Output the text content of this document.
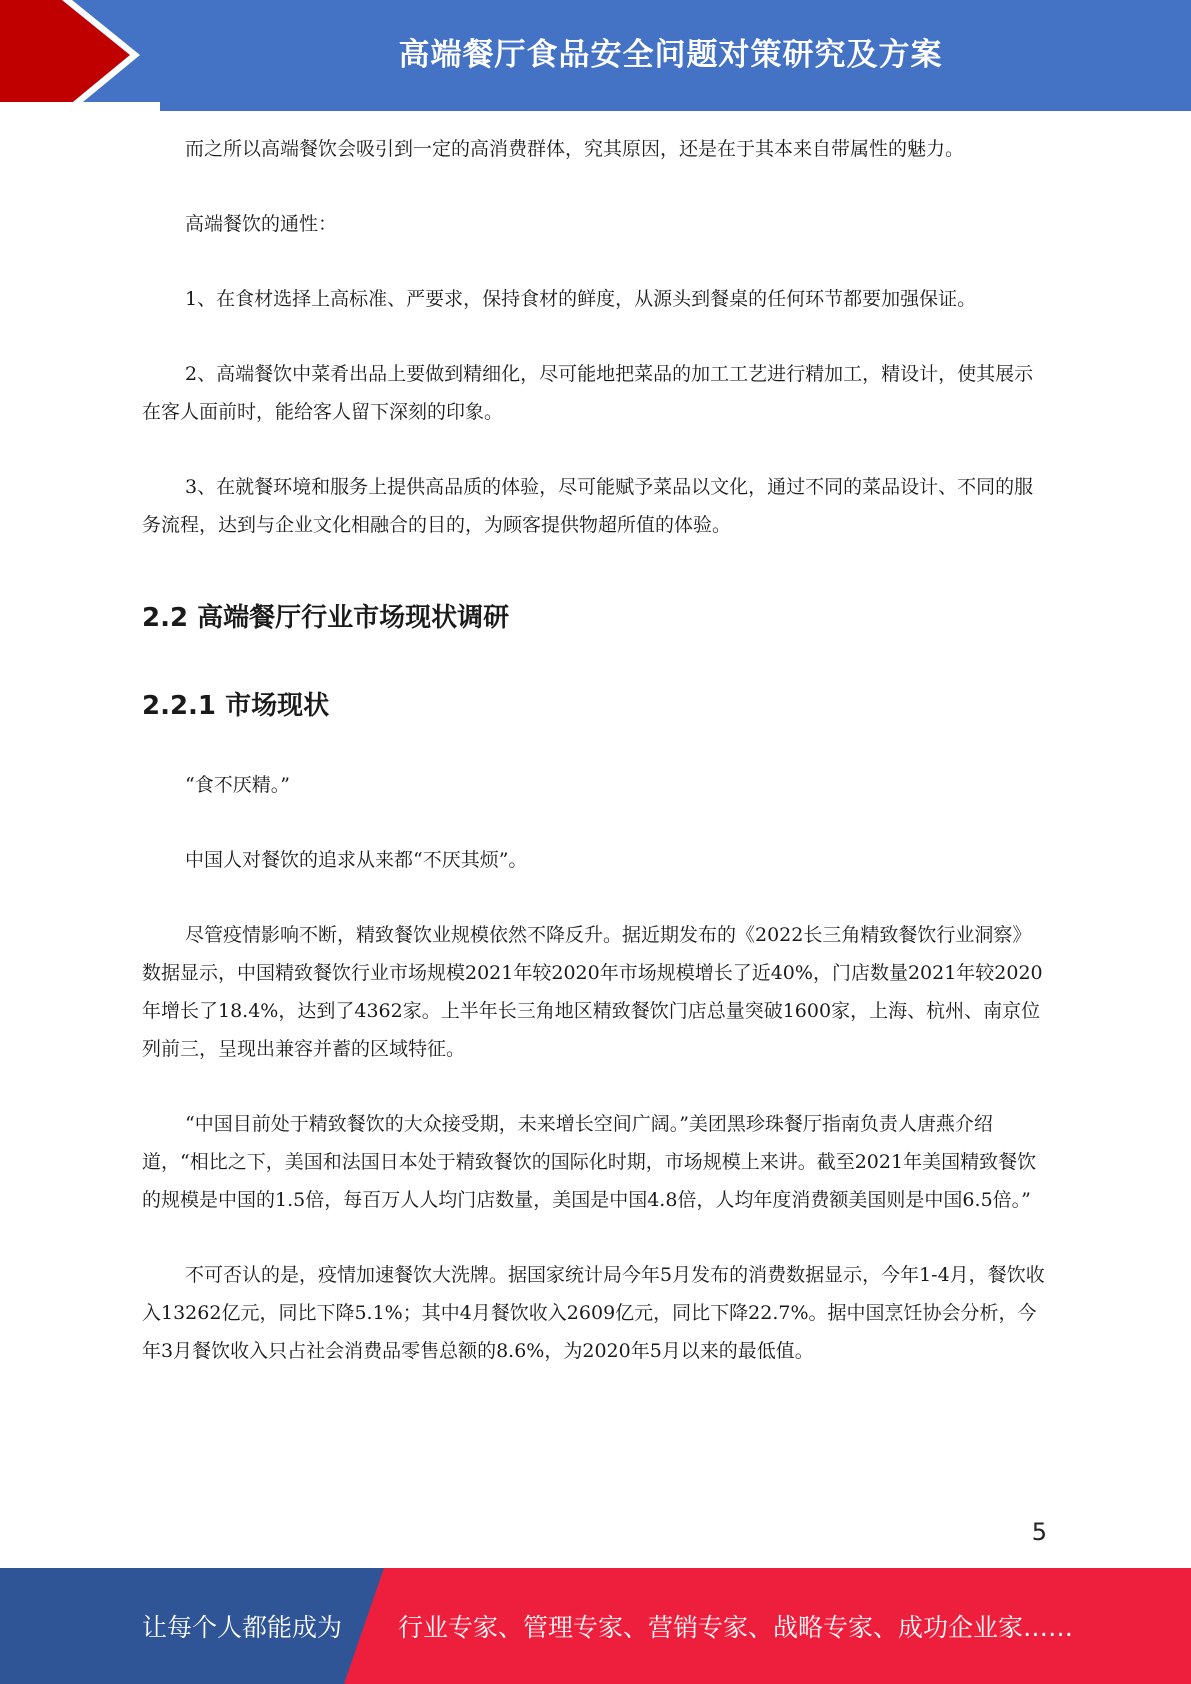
高端餐厅食品安全问题对策研究及方案

而之所以高端餐饮会吸引到一定的高消费群体，究其原因，还是在于其本来自带属性的魅力。

高端餐饮的通性：

1、在食材选择上高标准、严要求，保持食材的鲜度，从源头到餐桌的任何环节都要加强保证。

2、高端餐饮中菜肴出品上要做到精细化，尽可能地把菜品的加工工艺进行精加工，精设计，使其展示在客人面前时，能给客人留下深刻的印象。

3、在就餐环境和服务上提供高品质的体验，尽可能赋予菜品以文化，通过不同的菜品设计、不同的服务流程，达到与企业文化相融合的目的，为顾客提供物超所值的体验。

2.2 高端餐厅行业市场现状调研
2.2.1 市场现状

“食不厌精。”

中国人对餐饮的追求从来都“不厌其烦”。

尽管疫情影响不断，精致餐饮业规模依然不降反升。据近期发布的《2022长三角精致餐饮行业洞察》数据显示，中国精致餐饮行业市场规模2021年较2020年市场规模增长了近40%，门店数量2021年较2020年增长了18.4%，达到了4362家。上半年长三角地区精致餐饮门店总量突破1600家，上海、杭州、南京位列前三，呈现出兼容并蓄的区域特征。

“中国目前处于精致餐饮的大众接受期，未来增长空间广阔。”美团黑珍珠餐厅指南负责人唐燕介绍道，“相比之下，美国和法国日本处于精致餐饮的国际化时期，市场规模上来讲。截至2021年美国精致餐饮的规模是中国的1.5倍，每百万人人均门店数量，美国是中国4.8倍，人均年度消费额美国则是中国6.5倍。”

不可否认的是，疫情加速餐饮大洗牌。据国家统计局今年5月发布的消费数据显示，今年1-4月，餐饮收入13262亿元，同比下降5.1%；其中4月餐饮收入2609亿元，同比下降22.7%。据中国烹饪协会分析，今年3月餐饮收入只占社会消费品零售总额的8.6%，为2020年5月以来的最低值。

5
让每个人都能成为 行业专家、管理专家、营销专家、战略专家、成功企业家……
